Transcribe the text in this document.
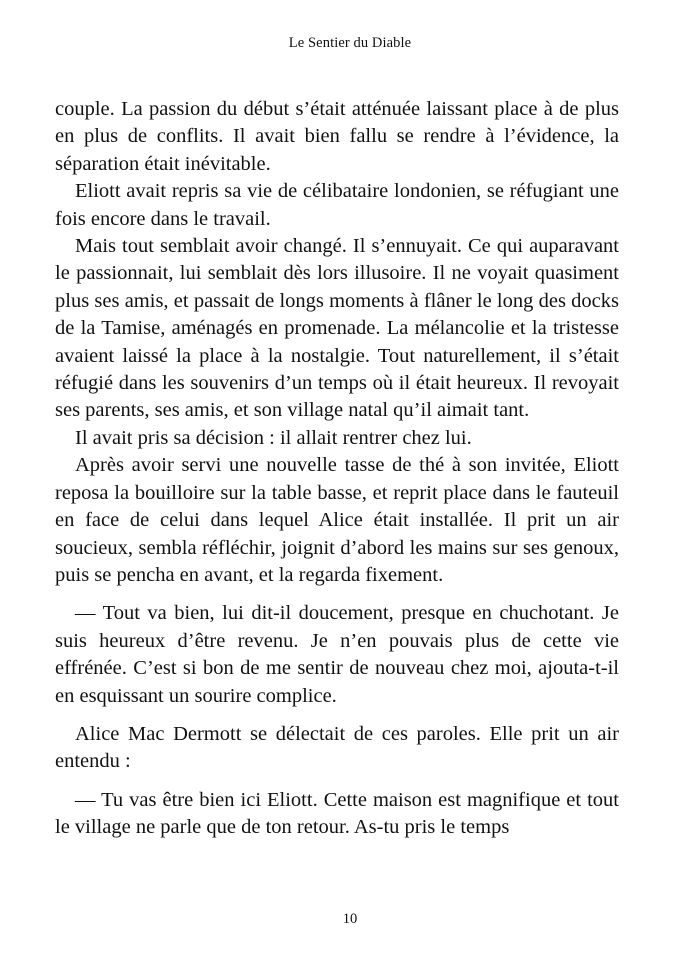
Le Sentier du Diable

couple. La passion du début s’était atténuée laissant place à de plus en plus de conflits. Il avait bien fallu se rendre à l’évidence, la séparation était inévitable.

Eliott avait repris sa vie de célibataire londonien, se réfugiant une fois encore dans le travail.

Mais tout semblait avoir changé. Il s’ennuyait. Ce qui auparavant le passionnait, lui semblait dès lors illusoire. Il ne voyait quasiment plus ses amis, et passait de longs moments à flâner le long des docks de la Tamise, aménagés en promenade. La mélancolie et la tristesse avaient laissé la place à la nostalgie. Tout naturellement, il s’était réfugié dans les souvenirs d’un temps où il était heureux. Il revoyait ses parents, ses amis, et son village natal qu’il aimait tant.

Il avait pris sa décision : il allait rentrer chez lui.

Après avoir servi une nouvelle tasse de thé à son invitée, Eliott reposa la bouilloire sur la table basse, et reprit place dans le fauteuil en face de celui dans lequel Alice était installée. Il prit un air soucieux, sembla réfléchir, joignit d’abord les mains sur ses genoux, puis se pencha en avant, et la regarda fixement.

— Tout va bien, lui dit-il doucement, presque en chuchotant. Je suis heureux d’être revenu. Je n’en pouvais plus de cette vie effrénée. C’est si bon de me sentir de nouveau chez moi, ajouta-t-il en esquissant un sourire complice.

Alice Mac Dermott se délectait de ces paroles. Elle prit un air entendu :

— Tu vas être bien ici Eliott. Cette maison est magnifique et tout le village ne parle que de ton retour. As-tu pris le temps

10
